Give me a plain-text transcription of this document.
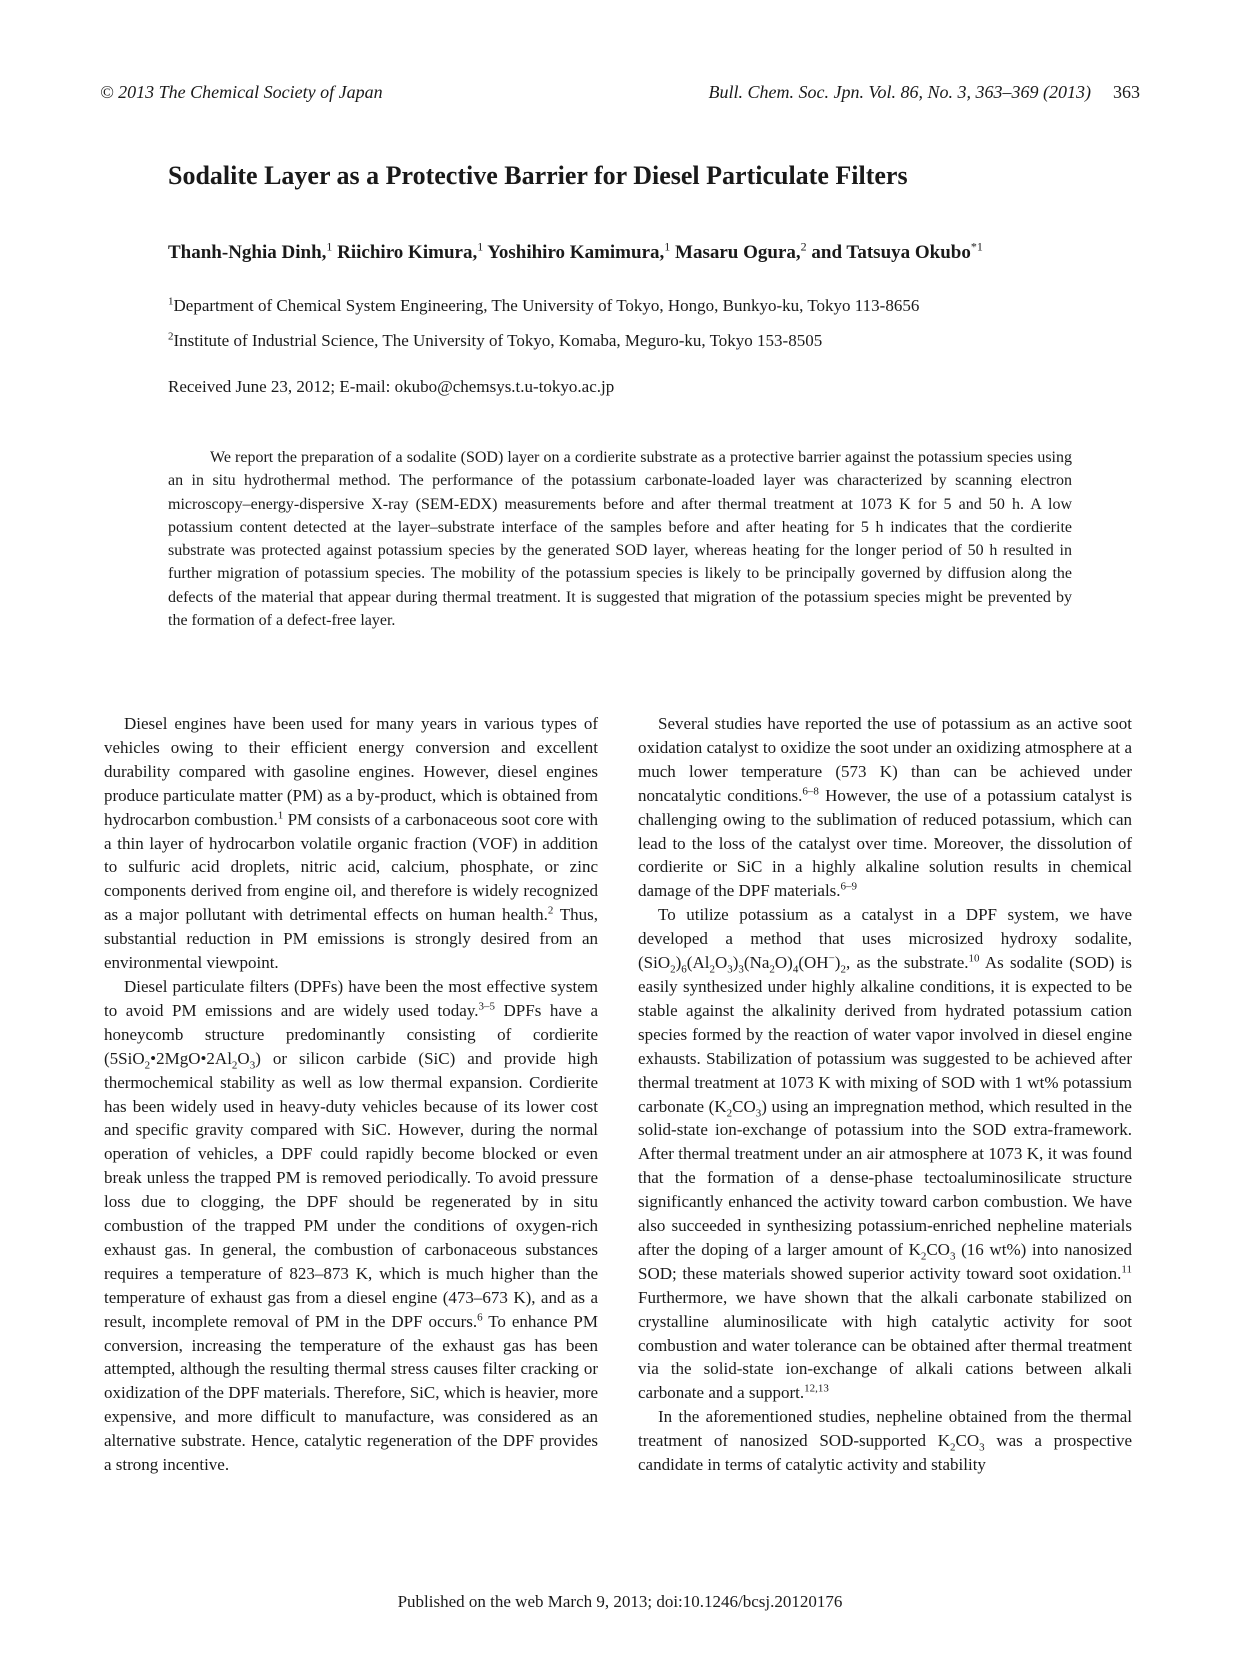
© 2013 The Chemical Society of Japan	Bull. Chem. Soc. Jpn. Vol. 86, No. 3, 363–369 (2013) 363
Sodalite Layer as a Protective Barrier for Diesel Particulate Filters
Thanh-Nghia Dinh,$^1$ Riichiro Kimura,$^1$ Yoshihiro Kamimura,$^1$ Masaru Ogura,$^2$ and Tatsuya Okubo$^{*1}$
$^1$Department of Chemical System Engineering, The University of Tokyo, Hongo, Bunkyo-ku, Tokyo 113-8656
$^2$Institute of Industrial Science, The University of Tokyo, Komaba, Meguro-ku, Tokyo 153-8505
Received June 23, 2012; E-mail: okubo@chemsys.t.u-tokyo.ac.jp

We report the preparation of a sodalite (SOD) layer on a cordierite substrate as a protective barrier against the potassium species using an in situ hydrothermal method. The performance of the potassium carbonate-loaded layer was characterized by scanning electron microscopy–energy-dispersive X-ray (SEM-EDX) measurements before and after thermal treatment at 1073 K for 5 and 50 h. A low potassium content detected at the layer–substrate interface of the samples before and after heating for 5 h indicates that the cordierite substrate was protected against potassium species by the generated SOD layer, whereas heating for the longer period of 50 h resulted in further migration of potassium species. The mobility of the potassium species is likely to be principally governed by diffusion along the defects of the material that appear during thermal treatment. It is suggested that migration of the potassium species might be prevented by the formation of a defect-free layer.

Diesel engines have been used for many years in various types of vehicles owing to their efficient energy conversion and excellent durability compared with gasoline engines. However, diesel engines produce particulate matter (PM) as a by-product, which is obtained from hydrocarbon combustion.$^1$ PM consists of a carbonaceous soot core with a thin layer of hydrocarbon volatile organic fraction (VOF) in addition to sulfuric acid droplets, nitric acid, calcium, phosphate, or zinc components derived from engine oil, and therefore is widely recognized as a major pollutant with detrimental effects on human health.$^2$ Thus, substantial reduction in PM emissions is strongly desired from an environmental viewpoint.

Diesel particulate filters (DPFs) have been the most effective system to avoid PM emissions and are widely used today.$^{3-5}$ DPFs have a honeycomb structure predominantly consisting of cordierite $(5SiO_2•2MgO•2Al_2O_3)$ or silicon carbide (SiC) and provide high thermochemical stability as well as low thermal expansion. Cordierite has been widely used in heavy-duty vehicles because of its lower cost and specific gravity compared with SiC. However, during the normal operation of vehicles, a DPF could rapidly become blocked or even break unless the trapped PM is removed periodically. To avoid pressure loss due to clogging, the DPF should be regenerated by in situ combustion of the trapped PM under the conditions of oxygen-rich exhaust gas. In general, the combustion of carbonaceous substances requires a temperature of 823–873 K, which is much higher than the temperature of exhaust gas from a diesel engine (473–673 K), and as a result, incomplete removal of PM in the DPF occurs.$^6$ To enhance PM conversion, increasing the temperature of the exhaust gas has been attempted, although the resulting thermal stress causes filter cracking or oxidization of the DPF materials. Therefore, SiC, which is heavier, more expensive, and more difficult to manufacture, was considered as an alternative substrate. Hence, catalytic regeneration of the DPF provides a strong incentive.

Several studies have reported the use of potassium as an active soot oxidation catalyst to oxidize the soot under an oxidizing atmosphere at a much lower temperature (573 K) than can be achieved under noncatalytic conditions.$^{6-8}$ However, the use of a potassium catalyst is challenging owing to the sublimation of reduced potassium, which can lead to the loss of the catalyst over time. Moreover, the dissolution of cordierite or SiC in a highly alkaline solution results in chemical damage of the DPF materials.$^{6-9}$

To utilize potassium as a catalyst in a DPF system, we have developed a method that uses microsized hydroxy sodalite, $(SiO_2)_6(Al_2O_3)_3(Na_2O)_4(OH^-)_2$, as the substrate.$^{10}$ As sodalite (SOD) is easily synthesized under highly alkaline conditions, it is expected to be stable against the alkalinity derived from hydrated potassium cation species formed by the reaction of water vapor involved in diesel engine exhausts. Stabilization of potassium was suggested to be achieved after thermal treatment at 1073 K with mixing of SOD with 1 wt% potassium carbonate $(K_2CO_3)$ using an impregnation method, which resulted in the solid-state ion-exchange of potassium into the SOD extra-framework. After thermal treatment under an air atmosphere at 1073 K, it was found that the formation of a dense-phase tectoaluminosilicate structure significantly enhanced the activity toward carbon combustion. We have also succeeded in synthesizing potassium-enriched nepheline materials after the doping of a larger amount of $K_2CO_3$ (16 wt%) into nanosized SOD; these materials showed superior activity toward soot oxidation.$^{11}$ Furthermore, we have shown that the alkali carbonate stabilized on crystalline aluminosilicate with high catalytic activity for soot combustion and water tolerance can be obtained after thermal treatment via the solid-state ion-exchange of alkali cations between alkali carbonate and a support.$^{12,13}$

In the aforementioned studies, nepheline obtained from the thermal treatment of nanosized SOD-supported $K_2CO_3$ was a prospective candidate in terms of catalytic activity and stability

Published on the web March 9, 2013; doi:10.1246/bcsj.20120176
